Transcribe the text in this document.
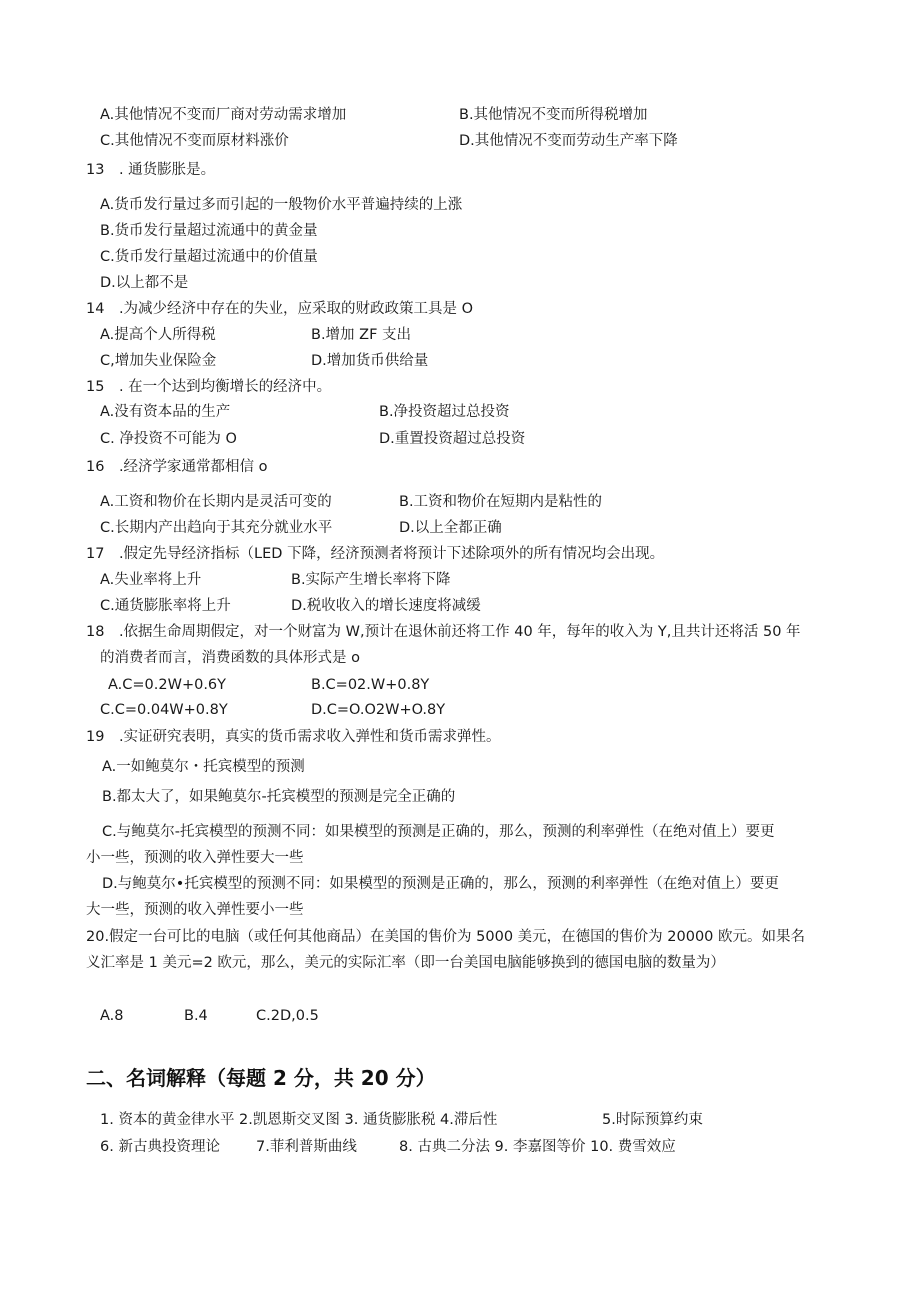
A.其他情况不变而厂商对劳动需求增加	B.其他情况不变而所得税增加
C.其他情况不变而原材料涨价	D.其他情况不变而劳动生产率下降
13　. 通货膨胀是。
A.货币发行量过多而引起的一般物价水平普遍持续的上涨
B.货币发行量超过流通中的黄金量
C.货币发行量超过流通中的价值量
D.以上都不是
14　.为减少经济中存在的失业，应采取的财政政策工具是 O
A.提高个人所得税	B.增加 ZF 支出
C,增加失业保险金	D.增加货币供给量
15　. 在一个达到均衡增长的经济中。
A.没有资本品的生产	B.净投资超过总投资
C. 净投资不可能为 O	D.重置投资超过总投资
16　.经济学家通常都相信 o
A.工资和物价在长期内是灵活可变的	B.工资和物价在短期内是粘性的
C.长期内产出趋向于其充分就业水平	D.以上全都正确
17　.假定先导经济指标（LED 下降，经济预测者将预计下述除项外的所有情况均会出现。
A.失业率将上升	B.实际产生增长率将下降
C.通货膨胀率将上升	D.税收收入的增长速度将减缓
18　.依据生命周期假定，对一个财富为 W,预计在退休前还将工作 40 年，每年的收入为 Y,且共计还将活 50 年
的消费者而言，消费函数的具体形式是 o
A.C=0.2W+0.6Y	B.C=02.W+0.8Y
C.C=0.04W+0.8Y	D.C=O.O2W+O.8Y
19　.实证研究表明，真实的货币需求收入弹性和货币需求弹性。
A.一如鲍莫尔・托宾模型的预测
B.都太大了，如果鲍莫尔-托宾模型的预测是完全正确的
C.与鲍莫尔-托宾模型的预测不同：如果模型的预测是正确的，那么，预测的利率弹性（在绝对值上）要更
小一些，预测的收入弹性要大一些
D.与鲍莫尔•托宾模型的预测不同：如果模型的预测是正确的，那么，预测的利率弹性（在绝对值上）要更
大一些，预测的收入弹性要小一些
20.假定一台可比的电脑（或任何其他商品）在美国的售价为 5000 美元，在德国的售价为 20000 欧元。如果名
义汇率是 1 美元=2 欧元，那么，美元的实际汇率（即一台美国电脑能够换到的德国电脑的数量为）
A.8	B.4	C.2D,0.5
二、名词解释（每题 2 分，共 20 分）
1. 资本的黄金律水平 2.凯恩斯交叉图 3. 通货膨胀税 4.滞后性	5.时际预算约束
6. 新古典投资理论 7.菲利普斯曲线	8. 古典二分法 9. 李嘉图等价 10. 费雪效应
